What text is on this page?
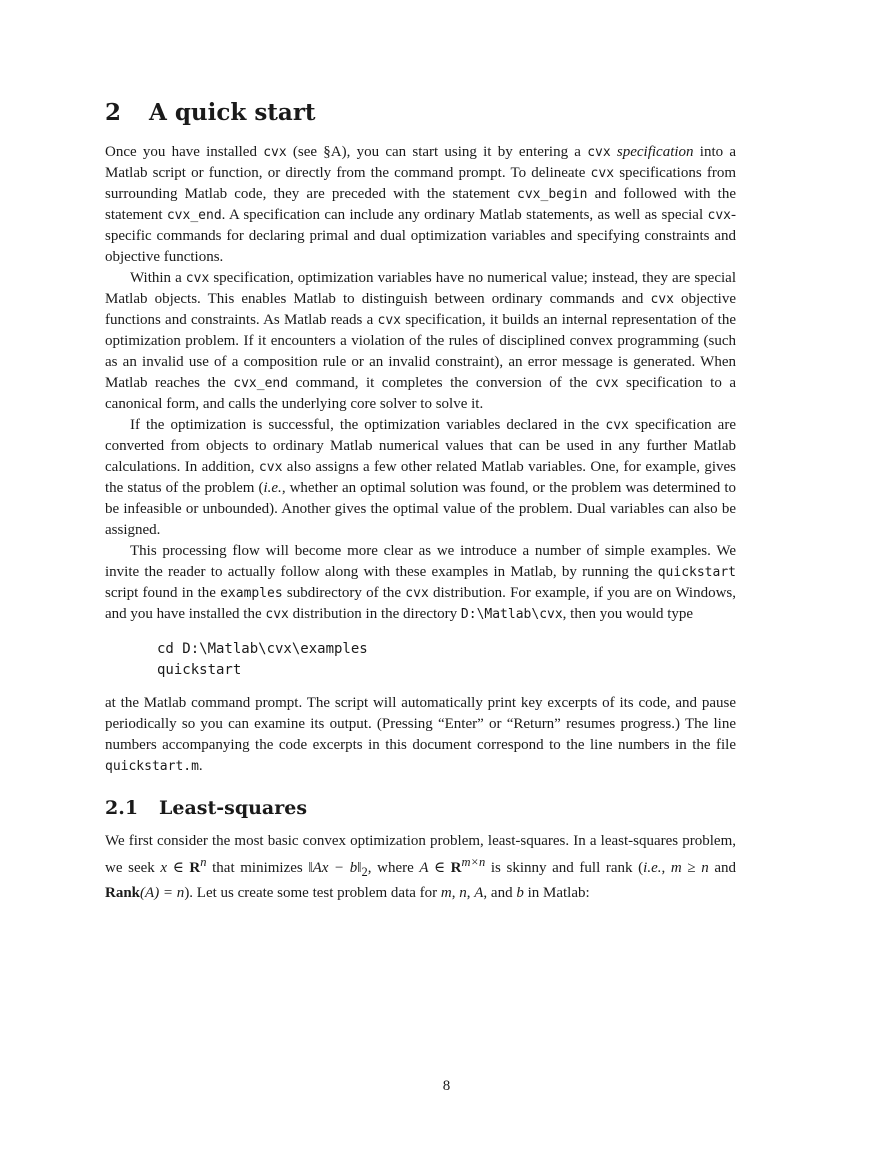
2 A quick start

Once you have installed cvx (see §A), you can start using it by entering a cvx specification into a Matlab script or function, or directly from the command prompt. To delineate cvx specifications from surrounding Matlab code, they are preceded with the statement cvx_begin and followed with the statement cvx_end. A specification can include any ordinary Matlab statements, as well as special cvx-specific commands for declaring primal and dual optimization variables and specifying constraints and objective functions.

Within a cvx specification, optimization variables have no numerical value; instead, they are special Matlab objects. This enables Matlab to distinguish between ordinary commands and cvx objective functions and constraints. As Matlab reads a cvx specification, it builds an internal representation of the optimization problem. If it encounters a violation of the rules of disciplined convex programming (such as an invalid use of a composition rule or an invalid constraint), an error message is generated. When Matlab reaches the cvx_end command, it completes the conversion of the cvx specification to a canonical form, and calls the underlying core solver to solve it.

If the optimization is successful, the optimization variables declared in the cvx specification are converted from objects to ordinary Matlab numerical values that can be used in any further Matlab calculations. In addition, cvx also assigns a few other related Matlab variables. One, for example, gives the status of the problem (i.e., whether an optimal solution was found, or the problem was determined to be infeasible or unbounded). Another gives the optimal value of the problem. Dual variables can also be assigned.

This processing flow will become more clear as we introduce a number of simple examples. We invite the reader to actually follow along with these examples in Matlab, by running the quickstart script found in the examples subdirectory of the cvx distribution. For example, if you are on Windows, and you have installed the cvx distribution in the directory D:\Matlab\cvx, then you would type

cd D:\Matlab\cvx\examples
quickstart

at the Matlab command prompt. The script will automatically print key excerpts of its code, and pause periodically so you can examine its output. (Pressing “Enter” or “Return” resumes progress.) The line numbers accompanying the code excerpts in this document correspond to the line numbers in the file quickstart.m.

2.1 Least-squares

We first consider the most basic convex optimization problem, least-squares. In a least-squares problem, we seek x ∈ $R^n$ that minimizes ‖Ax − $b‖_2$, where A ∈ $R^{m\times n}$ is skinny and full rank (i.e., m ≥ n and Rank(A) = n). Let us create some test problem data for m, n, A, and b in Matlab:

8
